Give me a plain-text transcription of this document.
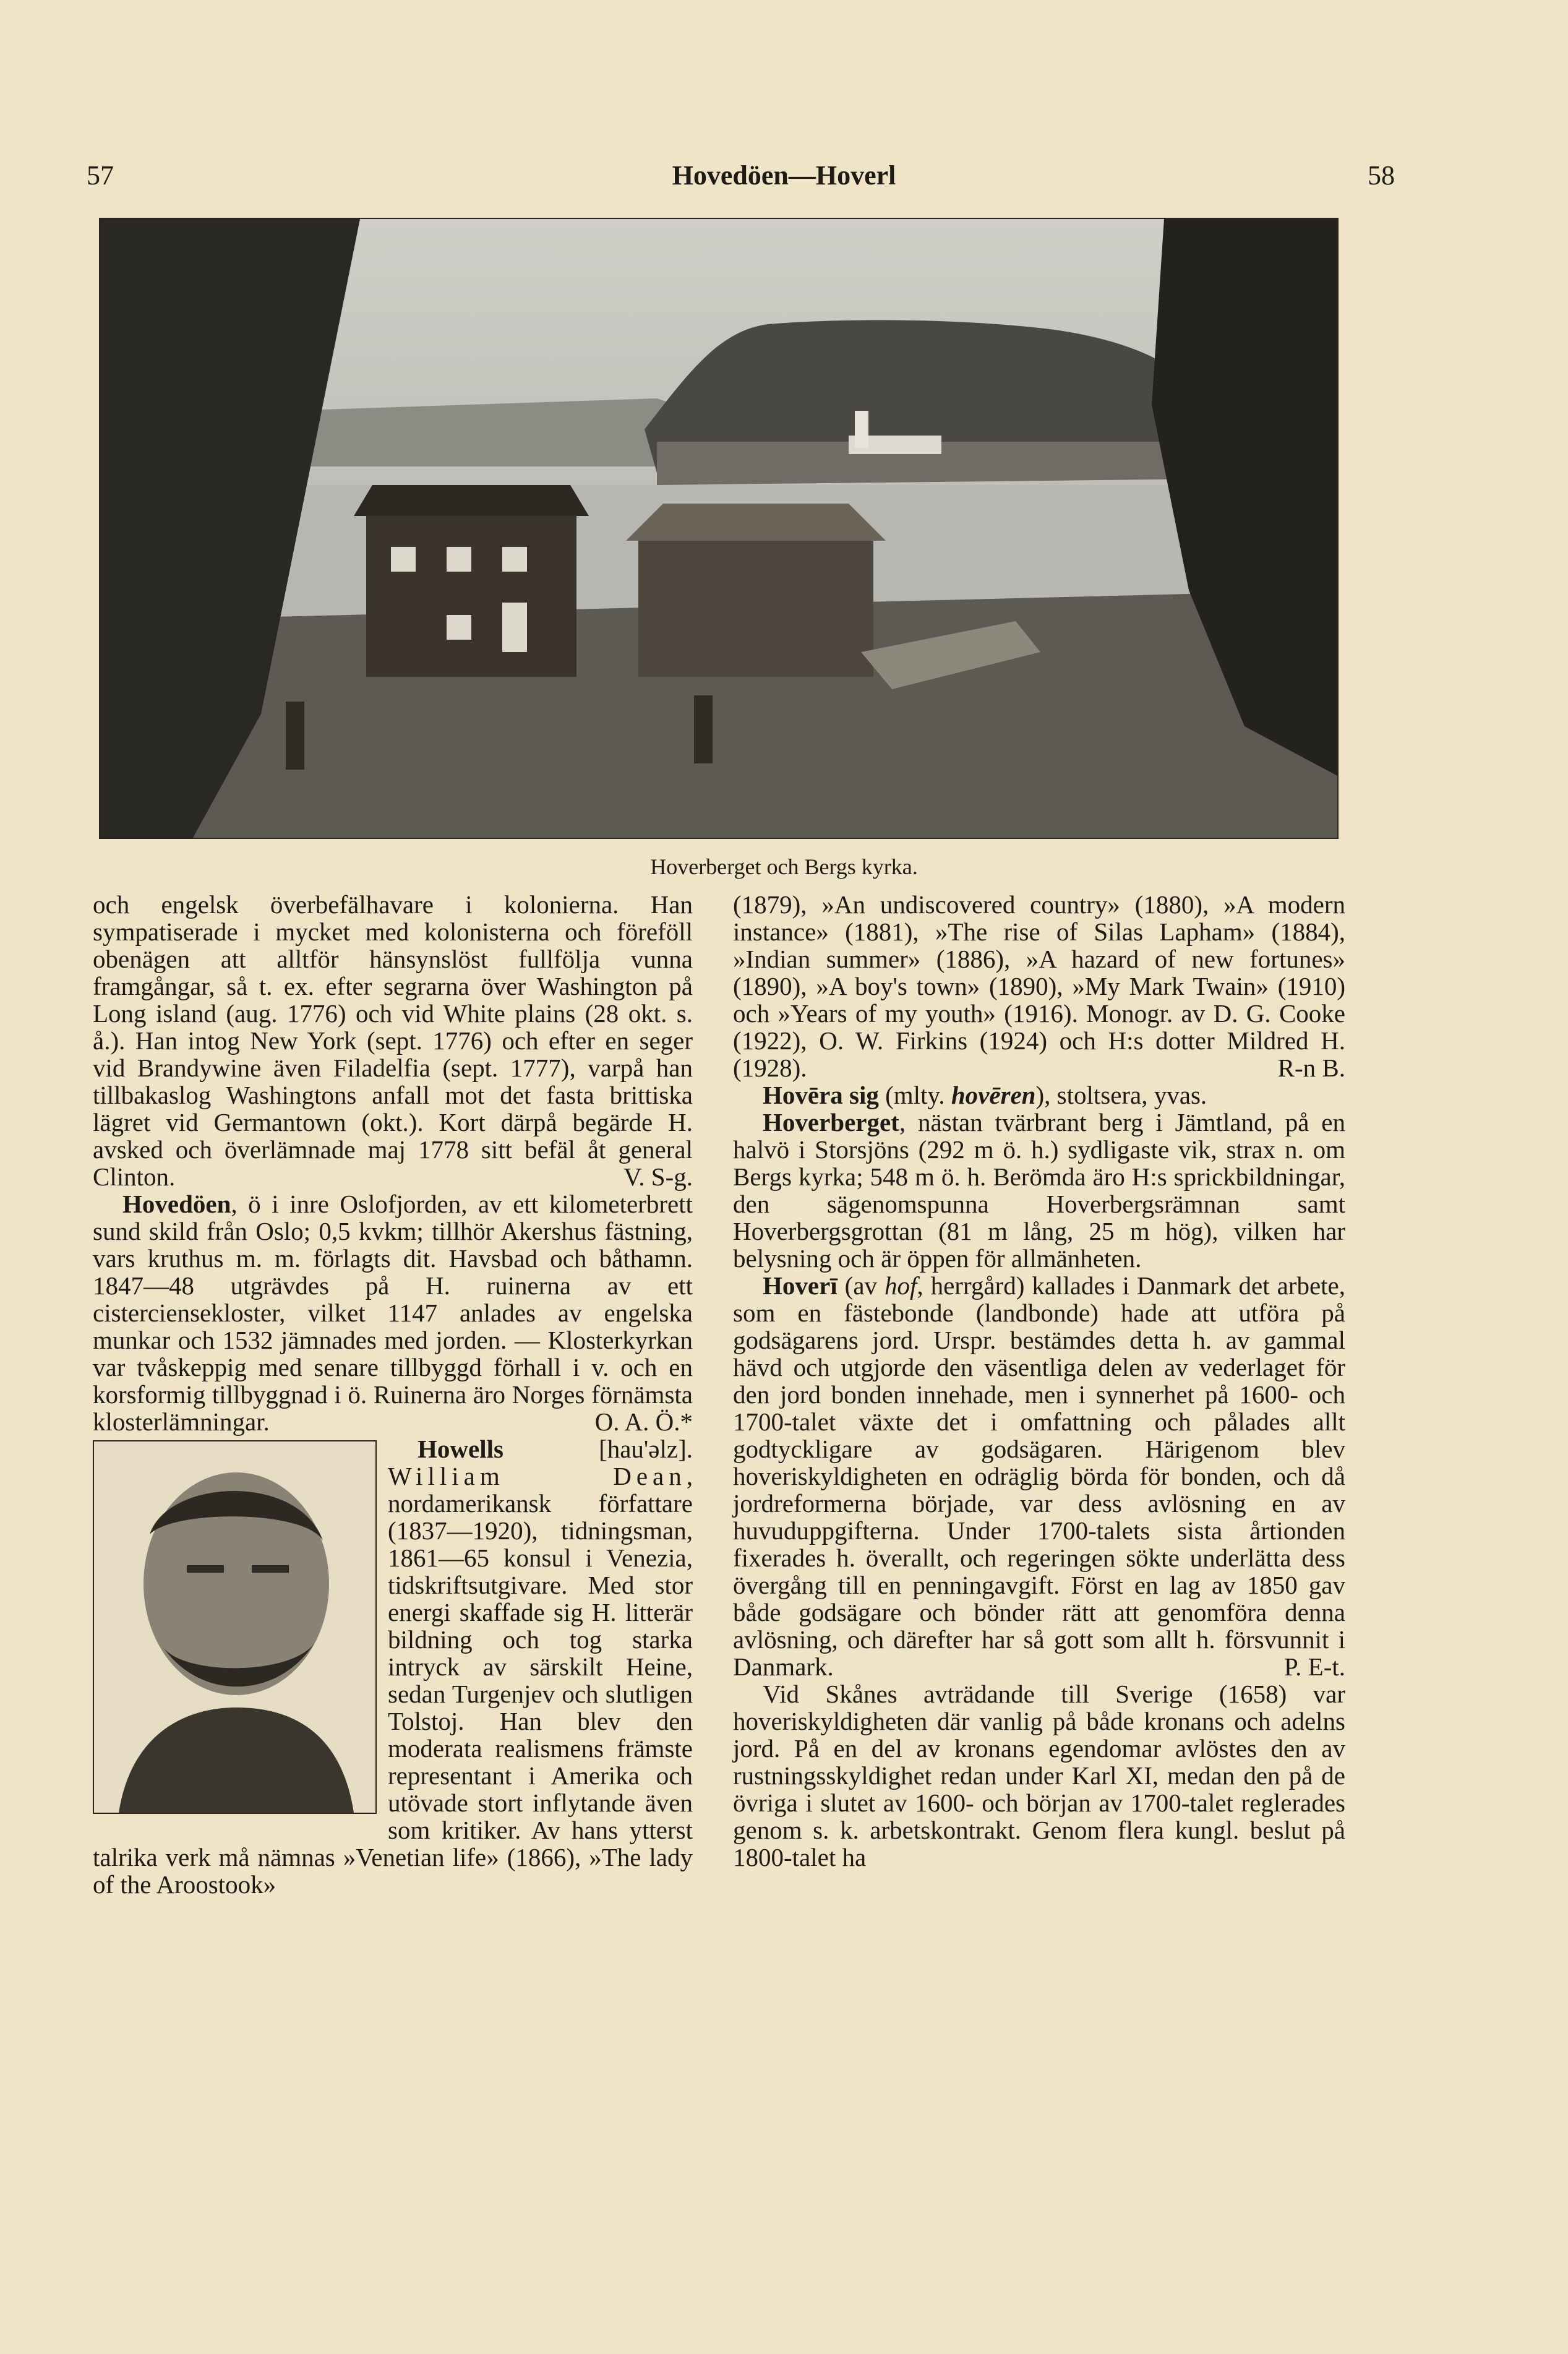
57	Hovedöen—Hoverl	58
Hoverberget och Bergs kyrka.

och engelsk överbefälhavare i kolonierna. Han sympatiserade i mycket med kolonisterna och föreföll obenägen att alltför hänsynslöst fullfölja vunna framgångar, så t. ex. efter segrarna över Washington på Long island (aug. 1776) och vid White plains (28 okt. s. å.). Han intog New York (sept. 1776) och efter en seger vid Brandywine även Filadelfia (sept. 1777), varpå han tillbakaslog Washingtons anfall mot det fasta brittiska lägret vid Germantown (okt.). Kort därpå begärde H. avsked och överlämnade maj 1778 sitt befäl åt general Clinton.	V. S-g.

Hovedöen, ö i inre Oslofjorden, av ett kilometerbrett sund skild från Oslo; 0,5 kvkm; tillhör Akershus fästning, vars kruthus m. m. förlagts dit. Havsbad och båthamn. 1847—48 utgrävdes på H. ruinerna av ett cisterciensekloster, vilket 1147 anlades av engelska munkar och 1532 jämnades med jorden. — Klosterkyrkan var tvåskeppig med senare tillbyggd förhall i v. och en korsformig tillbyggnad i ö. Ruinerna äro Norges förnämsta klosterlämningar.	O. A. Ö.*

Howells [hau'əlz]. William Dean, nordamerikansk författare (1837—1920), tidningsman, 1861—65 konsul i Venezia, tidskriftsutgivare. Med stor energi skaffade sig H. litterär bildning och tog starka intryck av särskilt Heine, sedan Turgenjev och slutligen Tolstoj. Han blev den moderata realismens främste representant i Amerika och utövade stort inflytande även som kritiker. Av hans ytterst talrika verk må nämnas »Venetian life» (1866), »The lady of the Aroostook»

(1879), »An undiscovered country» (1880), »A modern instance» (1881), »The rise of Silas Lapham» (1884), »Indian summer» (1886), »A hazard of new fortunes» (1890), »A boy's town» (1890), »My Mark Twain» (1910) och »Years of my youth» (1916). Monogr. av D. G. Cooke (1922), O. W. Firkins (1924) och H:s dotter Mildred H. (1928).	R-n B.

Hovēra sig (mlty. hovēren), stoltsera, yvas.

Hoverberget, nästan tvärbrant berg i Jämtland, på en halvö i Storsjöns (292 m ö. h.) sydligaste vik, strax n. om Bergs kyrka; 548 m ö. h. Berömda äro H:s sprickbildningar, den sägenomspunna Hoverbergsrämnan samt Hoverbergsgrottan (81 m lång, 25 m hög), vilken har belysning och är öppen för allmänheten.

Hoverī (av hof, herrgård) kallades i Danmark det arbete, som en fästebonde (landbonde) hade att utföra på godsägarens jord. Urspr. bestämdes detta h. av gammal hävd och utgjorde den väsentliga delen av vederlaget för den jord bonden innehade, men i synnerhet på 1600- och 1700-talet växte det i omfattning och pålades allt godtyckligare av godsägaren. Härigenom blev hoveriskyldigheten en odräglig börda för bonden, och då jordreformerna började, var dess avlösning en av huvuduppgifterna. Under 1700-talets sista årtionden fixerades h. överallt, och regeringen sökte underlätta dess övergång till en penningavgift. Först en lag av 1850 gav både godsägare och bönder rätt att genomföra denna avlösning, och därefter har så gott som allt h. försvunnit i Danmark.	P. E-t.

Vid Skånes avträdande till Sverige (1658) var hoveriskyldigheten där vanlig på både kronans och adelns jord. På en del av kronans egendomar avlöstes den av rustningsskyldighet redan under Karl XI, medan den på de övriga i slutet av 1600- och början av 1700-talet reglerades genom s. k. arbetskontrakt. Genom flera kungl. beslut på 1800-talet ha
